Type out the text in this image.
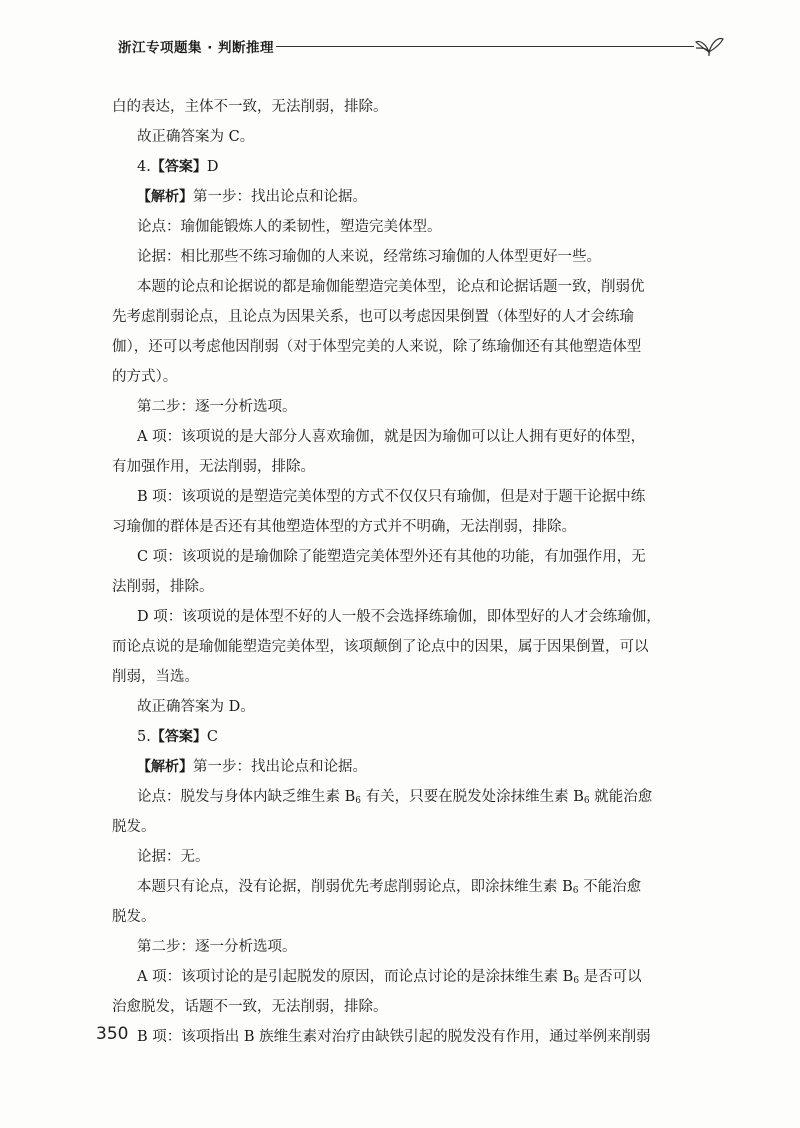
浙江专项题集 · 判断推理
白的表达，主体不一致，无法削弱，排除。
故正确答案为 C。
4.【答案】D
【解析】第一步：找出论点和论据。
论点：瑜伽能锻炼人的柔韧性，塑造完美体型。
论据：相比那些不练习瑜伽的人来说，经常练习瑜伽的人体型更好一些。
本题的论点和论据说的都是瑜伽能塑造完美体型，论点和论据话题一致，削弱优
先考虑削弱论点，且论点为因果关系，也可以考虑因果倒置（体型好的人才会练瑜
伽），还可以考虑他因削弱（对于体型完美的人来说，除了练瑜伽还有其他塑造体型
的方式）。
第二步：逐一分析选项。
A 项：该项说的是大部分人喜欢瑜伽，就是因为瑜伽可以让人拥有更好的体型，
有加强作用，无法削弱，排除。
B 项：该项说的是塑造完美体型的方式不仅仅只有瑜伽，但是对于题干论据中练
习瑜伽的群体是否还有其他塑造体型的方式并不明确，无法削弱，排除。
C 项：该项说的是瑜伽除了能塑造完美体型外还有其他的功能，有加强作用，无
法削弱，排除。
D 项：该项说的是体型不好的人一般不会选择练瑜伽，即体型好的人才会练瑜伽，
而论点说的是瑜伽能塑造完美体型，该项颠倒了论点中的因果，属于因果倒置，可以
削弱，当选。
故正确答案为 D。
5.【答案】C
【解析】第一步：找出论点和论据。
论点：脱发与身体内缺乏维生素 $B_6$ 有关，只要在脱发处涂抹维生素 $B_6$ 就能治愈
脱发。
论据：无。
本题只有论点，没有论据，削弱优先考虑削弱论点，即涂抹维生素 $B_6$ 不能治愈
脱发。
第二步：逐一分析选项。
A 项：该项讨论的是引起脱发的原因，而论点讨论的是涂抹维生素 $B_6$ 是否可以
治愈脱发，话题不一致，无法削弱，排除。
B 项：该项指出 B 族维生素对治疗由缺铁引起的脱发没有作用，通过举例来削弱
350
